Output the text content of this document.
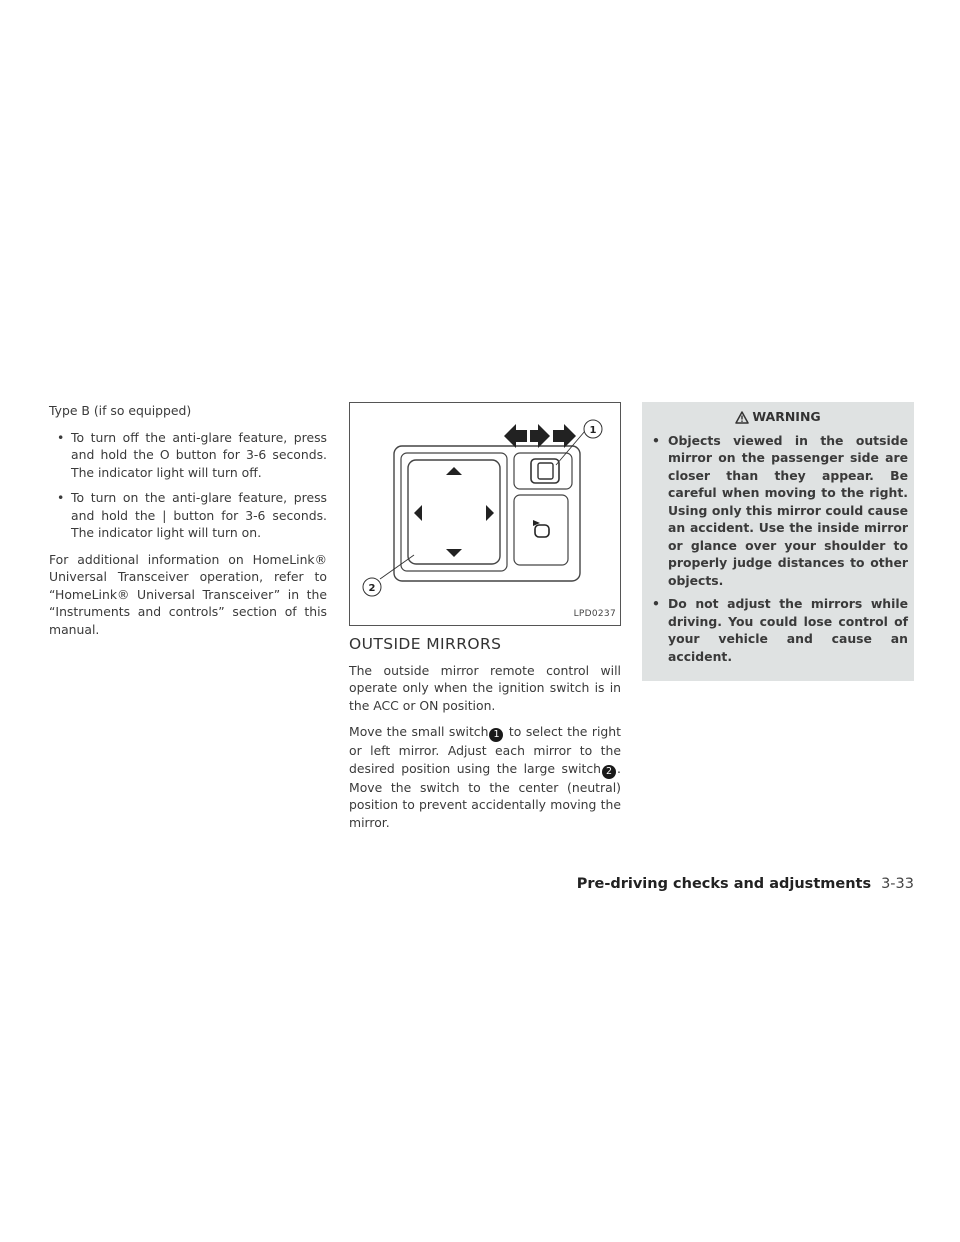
Type B (if so equipped)

• To turn off the anti-glare feature, press and hold the O button for 3-6 seconds. The indicator light will turn off.
• To turn on the anti-glare feature, press and hold the | button for 3-6 seconds. The indicator light will turn on.

For additional information on HomeLink® Universal Transceiver operation, refer to “HomeLink® Universal Transceiver” in the “Instruments and controls” section of this manual.

1
2
LPD0237
OUTSIDE MIRRORS

The outside mirror remote control will operate only when the ignition switch is in the ACC or ON position.

Move the small switch 1 to select the right or left mirror. Adjust each mirror to the desired position using the large switch 2 . Move the switch to the center (neutral) position to prevent accidentally moving the mirror.

WARNING
• Objects viewed in the outside mirror on the passenger side are closer than they appear. Be careful when moving to the right. Using only this mirror could cause an accident. Use the inside mirror or glance over your shoulder to properly judge distances to other objects.
• Do not adjust the mirrors while driving. You could lose control of your vehicle and cause an accident.
Pre-driving checks and adjustments 3-33
